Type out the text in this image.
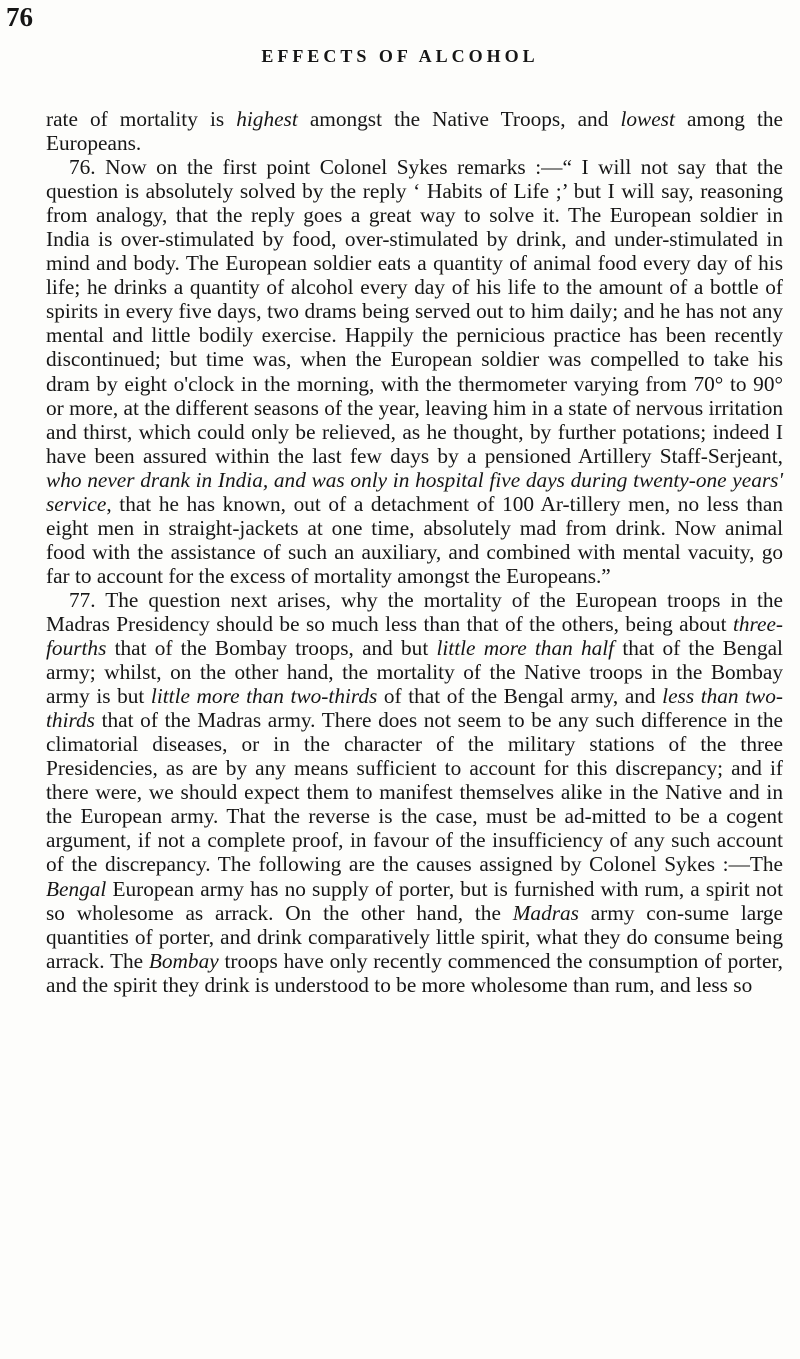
76
EFFECTS OF ALCOHOL

rate of mortality is highest amongst the Native Troops, and lowest among the Europeans.

76. Now on the first point Colonel Sykes remarks :—“ I will not say that the question is absolutely solved by the reply ‘ Habits of Life ;’ but I will say, reasoning from analogy, that the reply goes a great way to solve it. The European soldier in India is over-stimulated by food, over-stimulated by drink, and under-stimulated in mind and body. The European soldier eats a quantity of animal food every day of his life; he drinks a quantity of alcohol every day of his life to the amount of a bottle of spirits in every five days, two drams being served out to him daily; and he has not any mental and little bodily exercise. Happily the pernicious practice has been recently discontinued; but time was, when the European soldier was compelled to take his dram by eight o'clock in the morning, with the thermometer varying from 70° to 90° or more, at the different seasons of the year, leaving him in a state of nervous irritation and thirst, which could only be relieved, as he thought, by further potations; indeed I have been assured within the last few days by a pensioned Artillery Staff-Serjeant, who never drank in India, and was only in hospital five days during twenty-one years' service, that he has known, out of a detachment of 100 Ar-tillery men, no less than eight men in straight-jackets at one time, absolutely mad from drink. Now animal food with the assistance of such an auxiliary, and combined with mental vacuity, go far to account for the excess of mortality amongst the Europeans.”

77. The question next arises, why the mortality of the European troops in the Madras Presidency should be so much less than that of the others, being about three-fourths that of the Bombay troops, and but little more than half that of the Bengal army; whilst, on the other hand, the mortality of the Native troops in the Bombay army is but little more than two-thirds of that of the Bengal army, and less than two-thirds that of the Madras army. There does not seem to be any such difference in the climatorial diseases, or in the character of the military stations of the three Presidencies, as are by any means sufficient to account for this discrepancy; and if there were, we should expect them to manifest themselves alike in the Native and in the European army. That the reverse is the case, must be ad-mitted to be a cogent argument, if not a complete proof, in favour of the insufficiency of any such account of the discrepancy. The following are the causes assigned by Colonel Sykes :—The Bengal European army has no supply of porter, but is furnished with rum, a spirit not so wholesome as arrack. On the other hand, the Madras army con-sume large quantities of porter, and drink comparatively little spirit, what they do consume being arrack. The Bombay troops have only recently commenced the consumption of porter, and the spirit they drink is understood to be more wholesome than rum, and less so
